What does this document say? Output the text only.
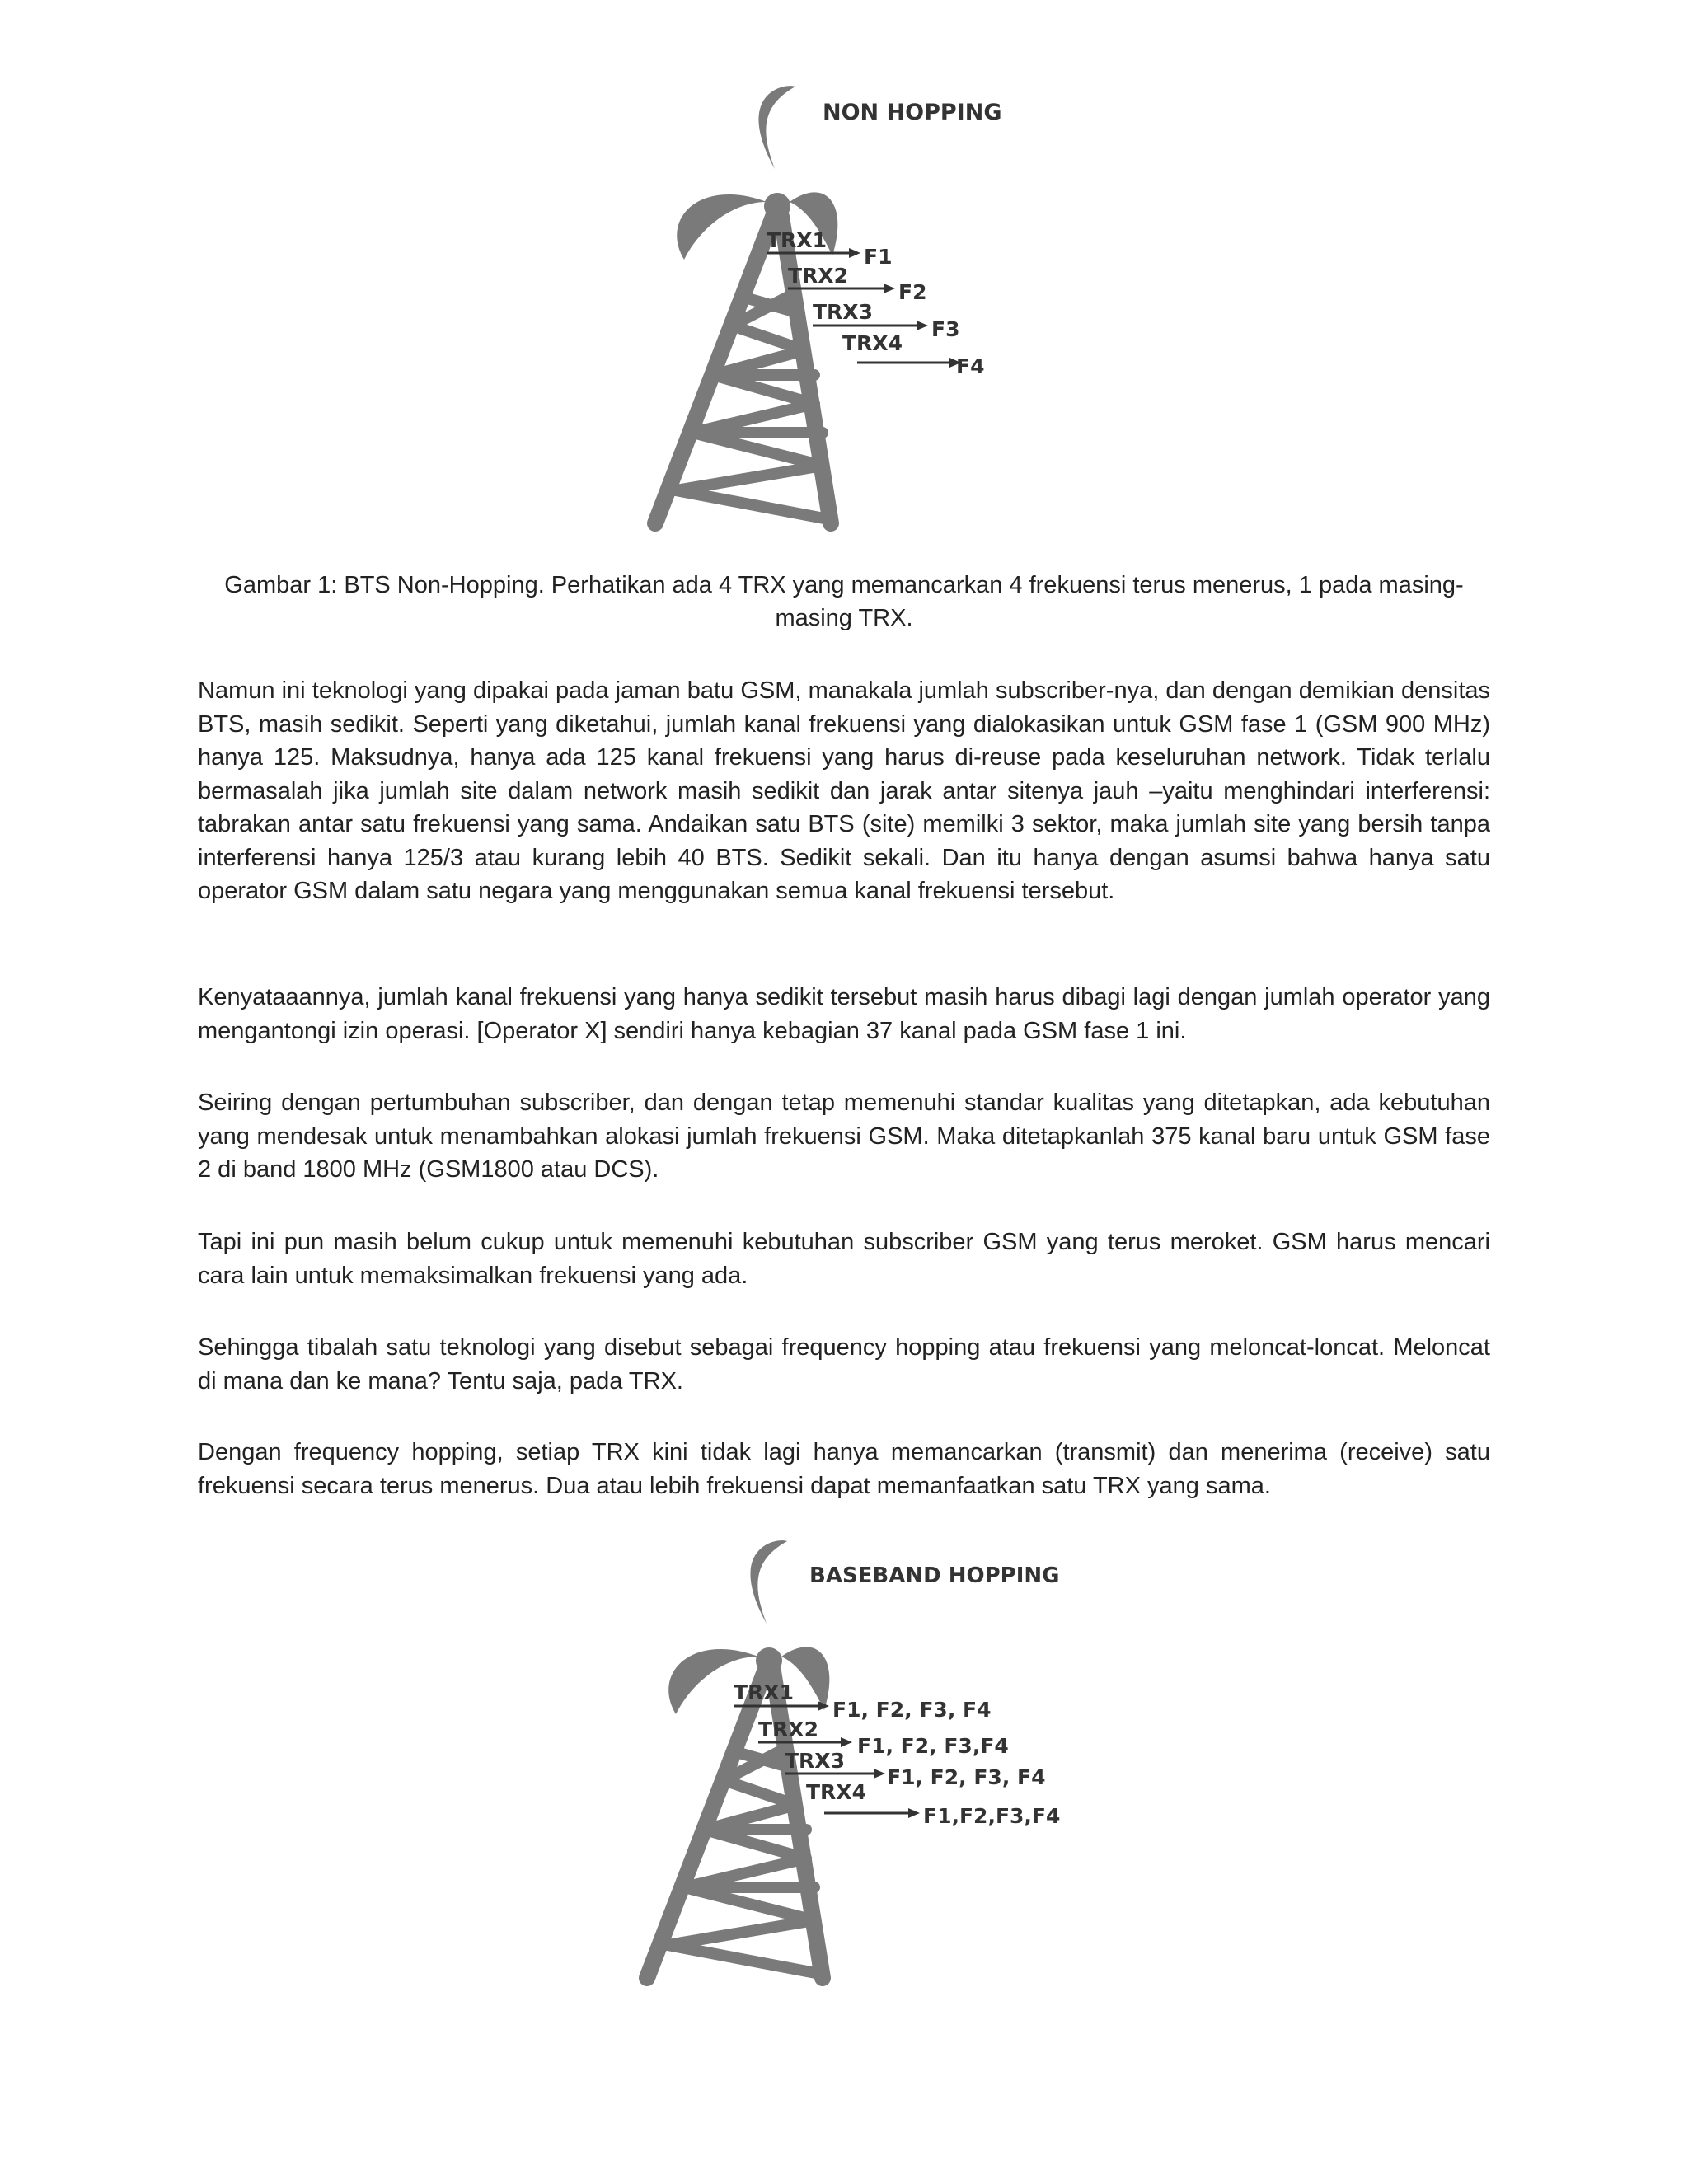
NON HOPPING
TRX1
F1
TRX2
F2
TRX3
F3
TRX4
F4
Gambar 1: BTS Non-Hopping. Perhatikan ada 4 TRX yang memancarkan 4 frekuensi terus menerus, 1 pada masing-masing TRX.

Namun ini teknologi yang dipakai pada jaman batu GSM, manakala jumlah subscriber-nya, dan dengan demikian densitas BTS, masih sedikit. Seperti yang diketahui, jumlah kanal frekuensi yang dialokasikan untuk GSM fase 1 (GSM 900 MHz) hanya 125. Maksudnya, hanya ada 125 kanal frekuensi yang harus di-reuse pada keseluruhan network. Tidak terlalu bermasalah jika jumlah site dalam network masih sedikit dan jarak antar sitenya jauh –yaitu menghindari interferensi: tabrakan antar satu frekuensi yang sama. Andaikan satu BTS (site) memilki 3 sektor, maka jumlah site yang bersih tanpa interferensi hanya 125/3 atau kurang lebih 40 BTS. Sedikit sekali. Dan itu hanya dengan asumsi bahwa hanya satu operator GSM dalam satu negara yang menggunakan semua kanal frekuensi tersebut.

Kenyataaannya, jumlah kanal frekuensi yang hanya sedikit tersebut masih harus dibagi lagi dengan jumlah operator yang mengantongi izin operasi. [Operator X] sendiri hanya kebagian 37 kanal pada GSM fase 1 ini.

Seiring dengan pertumbuhan subscriber, dan dengan tetap memenuhi standar kualitas yang ditetapkan, ada kebutuhan yang mendesak untuk menambahkan alokasi jumlah frekuensi GSM. Maka ditetapkanlah 375 kanal baru untuk GSM fase 2 di band 1800 MHz (GSM1800 atau DCS).

Tapi ini pun masih belum cukup untuk memenuhi kebutuhan subscriber GSM yang terus meroket. GSM harus mencari cara lain untuk memaksimalkan frekuensi yang ada.

Sehingga tibalah satu teknologi yang disebut sebagai frequency hopping atau frekuensi yang meloncat-loncat. Meloncat di mana dan ke mana? Tentu saja, pada TRX.

Dengan frequency hopping, setiap TRX kini tidak lagi hanya memancarkan (transmit) dan menerima (receive) satu frekuensi secara terus menerus. Dua atau lebih frekuensi dapat memanfaatkan satu TRX yang sama.

BASEBAND HOPPING
TRX1
F1, F2, F3, F4
TRX2
F1, F2, F3,F4
TRX3
F1, F2, F3, F4
TRX4
F1,F2,F3,F4
